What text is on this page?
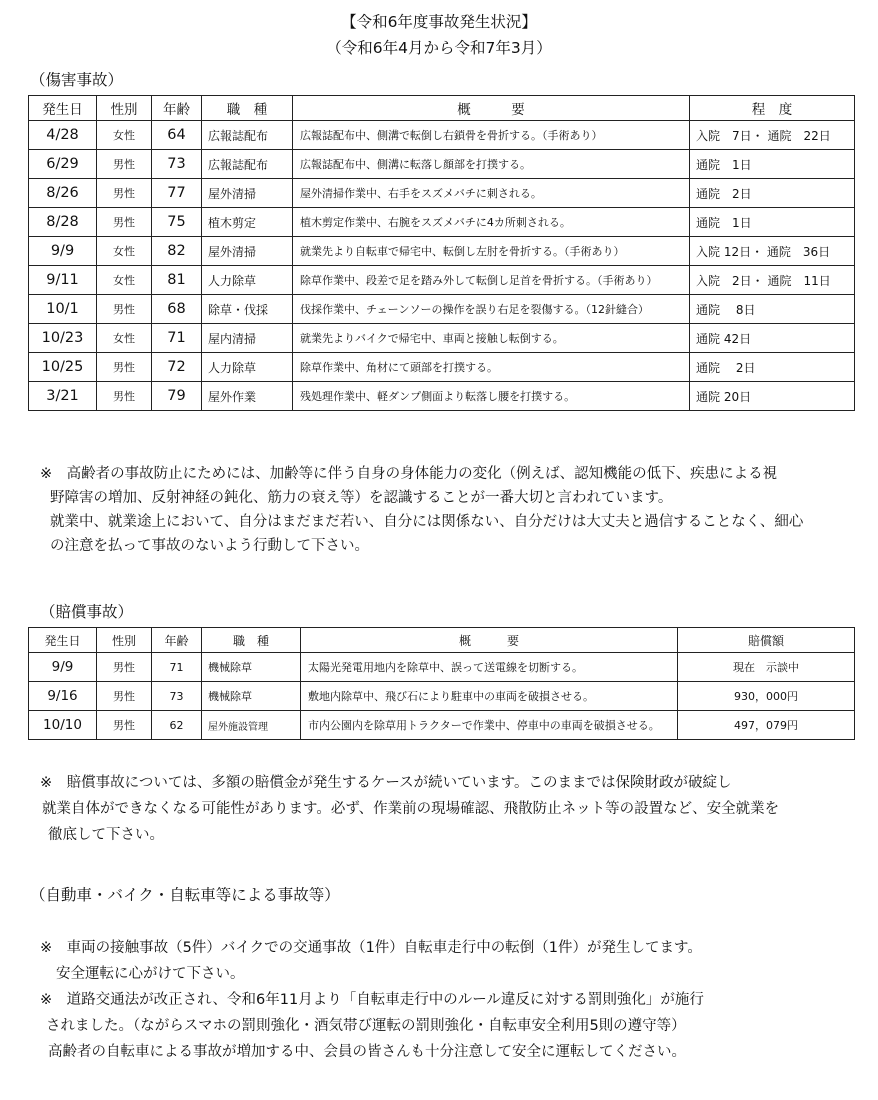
【令和6年度事故発生状況】
（令和6年4月から令和7年3月）
（傷害事故）
発生日	性別	年齢	職　種	概　　　要	程　度
4/28	女性	64	広報誌配布	広報誌配布中、側溝で転倒し右鎖骨を骨折する。（手術あり）	入院　7日・ 通院　22日
6/29	男性	73	広報誌配布	広報誌配布中、側溝に転落し顔部を打撲する。	通院　1日
8/26	男性	77	屋外清掃	屋外清掃作業中、右手をスズメバチに刺される。	通院　2日
8/28	男性	75	植木剪定	植木剪定作業中、右腕をスズメバチに4カ所刺される。	通院　1日
9/9	女性	82	屋外清掃	就業先より自転車で帰宅中、転倒し左肘を骨折する。（手術あり）	入院 12日・ 通院　36日
9/11	女性	81	人力除草	除草作業中、段差で足を踏み外して転倒し足首を骨折する。（手術あり）	入院　2日・ 通院　11日
10/1	男性	68	除草・伐採	伐採作業中、チェーンソーの操作を誤り右足を裂傷する。（12針縫合）	通院　 8日
10/23	女性	71	屋内清掃	就業先よりバイクで帰宅中、車両と接触し転倒する。	通院 42日
10/25	男性	72	人力除草	除草作業中、角材にて頭部を打撲する。	通院　 2日
3/21	男性	79	屋外作業	残処理作業中、軽ダンプ側面より転落し腰を打撲する。	通院 20日
※　高齢者の事故防止にためには、加齢等に伴う自身の身体能力の変化（例えば、認知機能の低下、疾患による視
野障害の増加、反射神経の鈍化、筋力の衰え等）を認識することが一番大切と言われています。
就業中、就業途上において、自分はまだまだ若い、自分には関係ない、自分だけは大丈夫と過信することなく、細心
の注意を払って事故のないよう行動して下さい。
（賠償事故）
発生日	性別	年齢	職　種	概　　　要	賠償額
9/9	男性	71	機械除草	太陽光発電用地内を除草中、誤って送電線を切断する。	現在　示談中
9/16	男性	73	機械除草	敷地内除草中、飛び石により駐車中の車両を破損させる。	930，000円
10/10	男性	62	屋外施設管理	市内公園内を除草用トラクターで作業中、停車中の車両を破損させる。	497，079円
※　賠償事故については、多額の賠償金が発生するケースが続いています。このままでは保険財政が破綻し
就業自体ができなくなる可能性があります。必ず、作業前の現場確認、飛散防止ネット等の設置など、安全就業を
徹底して下さい。
（自動車・バイク・自転車等による事故等）
※　車両の接触事故（5件）バイクでの交通事故（1件）自転車走行中の転倒（1件）が発生してます。
安全運転に心がけて下さい。
※　道路交通法が改正され、令和6年11月より「自転車走行中のルール違反に対する罰則強化」が施行
されました。（ながらスマホの罰則強化・酒気帯び運転の罰則強化・自転車安全利用5則の遵守等）
高齢者の自転車による事故が増加する中、会員の皆さんも十分注意して安全に運転してください。
